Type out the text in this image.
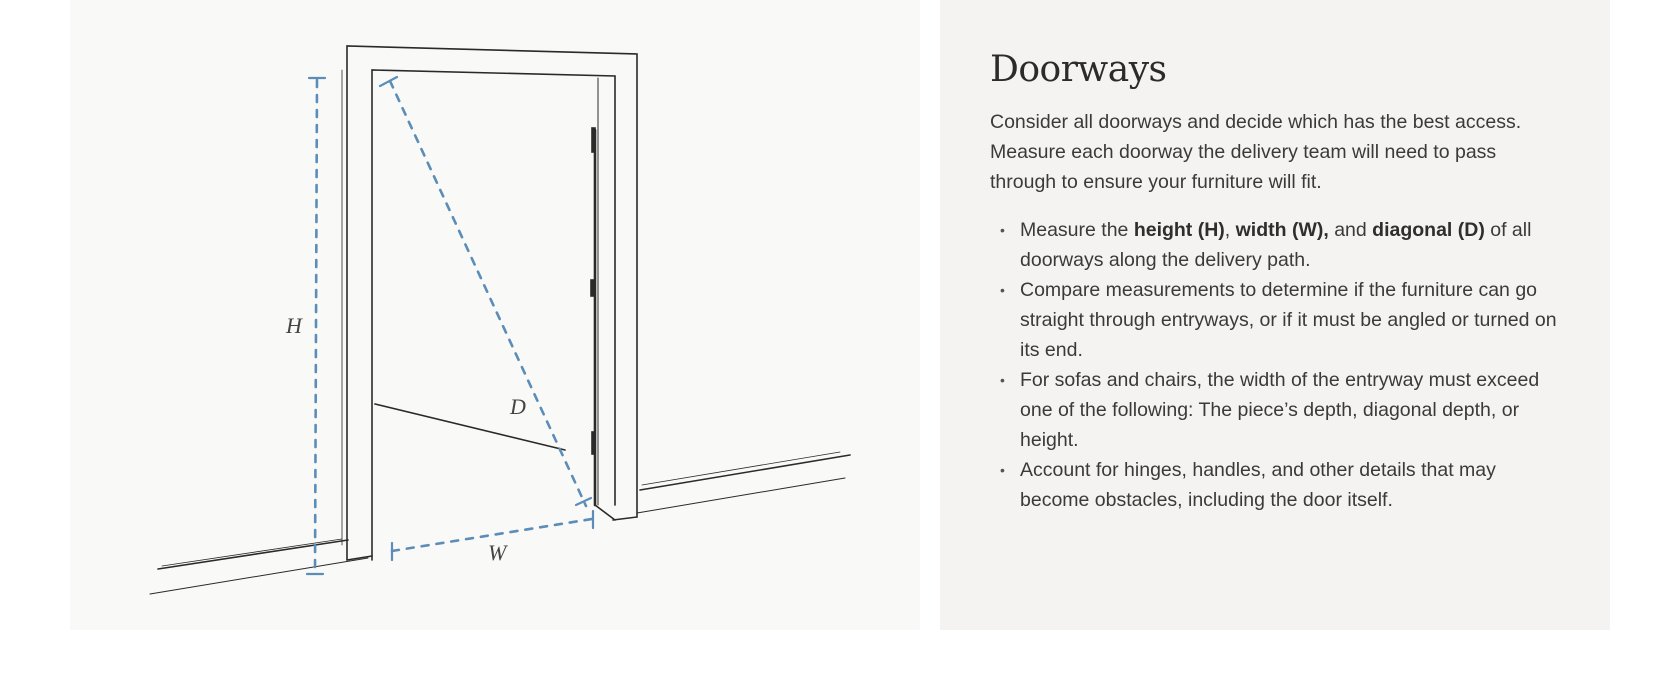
H
D
W
Doorways

Consider all doorways and decide which has the best access. Measure each doorway the delivery team will need to pass through to ensure your furniture will fit.

• Measure the height (H), width (W), and diagonal (D) of all doorways along the delivery path.
• Compare measurements to determine if the furniture can go straight through entryways, or if it must be angled or turned on its end.
• For sofas and chairs, the width of the entryway must exceed one of the following: The piece’s depth, diagonal depth, or height.
• Account for hinges, handles, and other details that may become obstacles, including the door itself.
